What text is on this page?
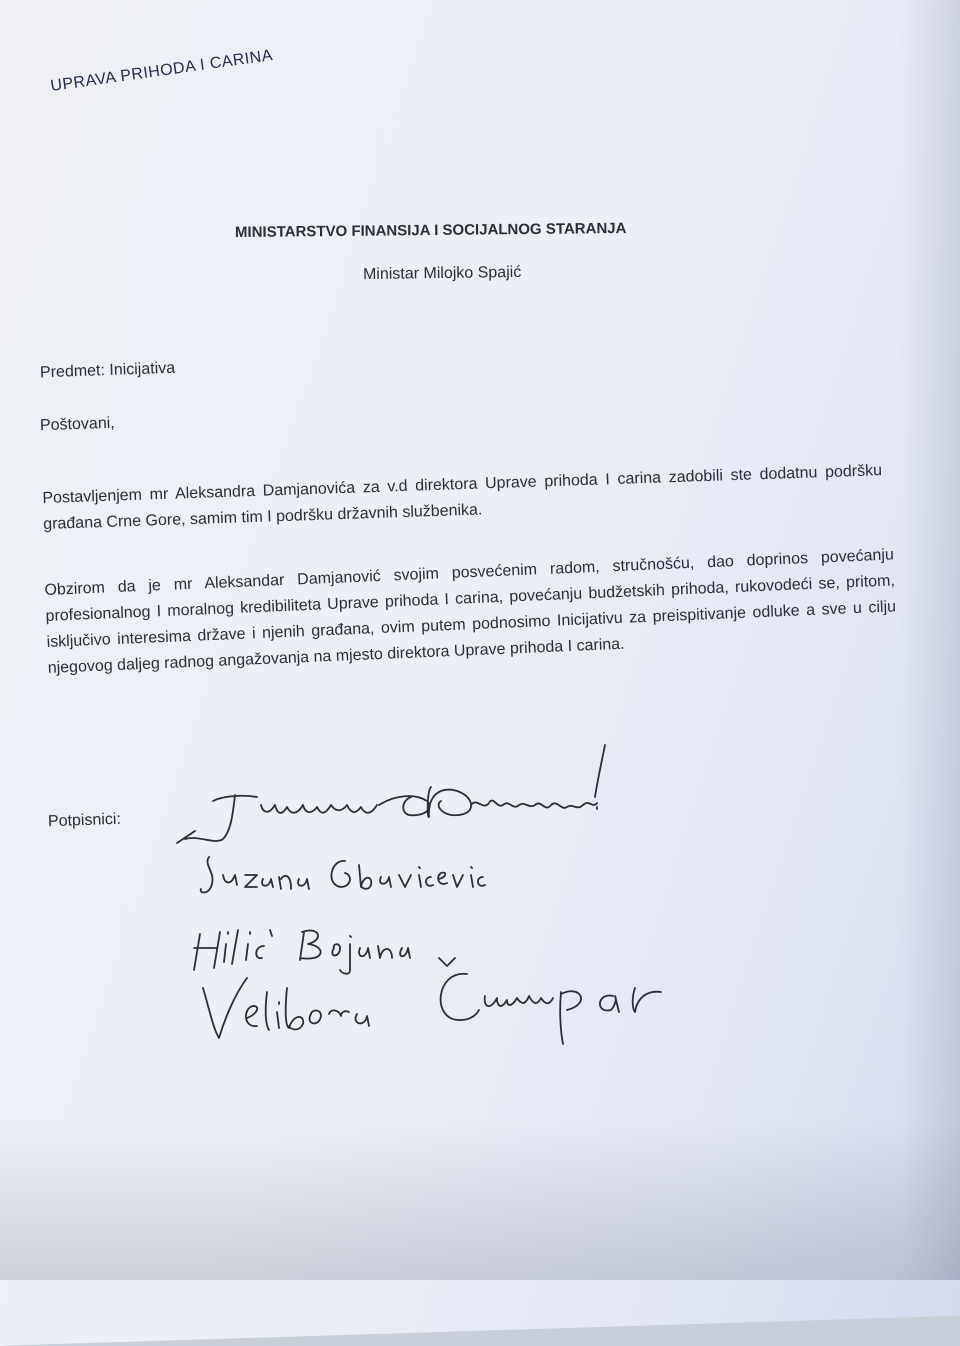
UPRAVA PRIHODA I CARINA
MINISTARSTVO FINANSIJA I SOCIJALNOG STARANJA
Ministar Milojko Spajić
Predmet: Inicijativa
Poštovani,
Postavljenjem mr Aleksandra Damjanovića za v.d direktora Uprave prihoda I carina zadobili ste dodatnu podršku građana Crne Gore, samim tim I podršku državnih službenika.
Obzirom da je mr Aleksandar Damjanović svojim posvećenim radom, stručnošću, dao doprinos povećanju profesionalnog I moralnog kredibiliteta Uprave prihoda I carina, povećanju budžetskih prihoda, rukovodeći se, pritom, isključivo interesima države i njenih građana, ovim putem podnosimo Inicijativu za preispitivanje odluke a sve u cilju njegovog daljeg radnog angažovanja na mjesto direktora Uprave prihoda I carina.
Potpisnici:
